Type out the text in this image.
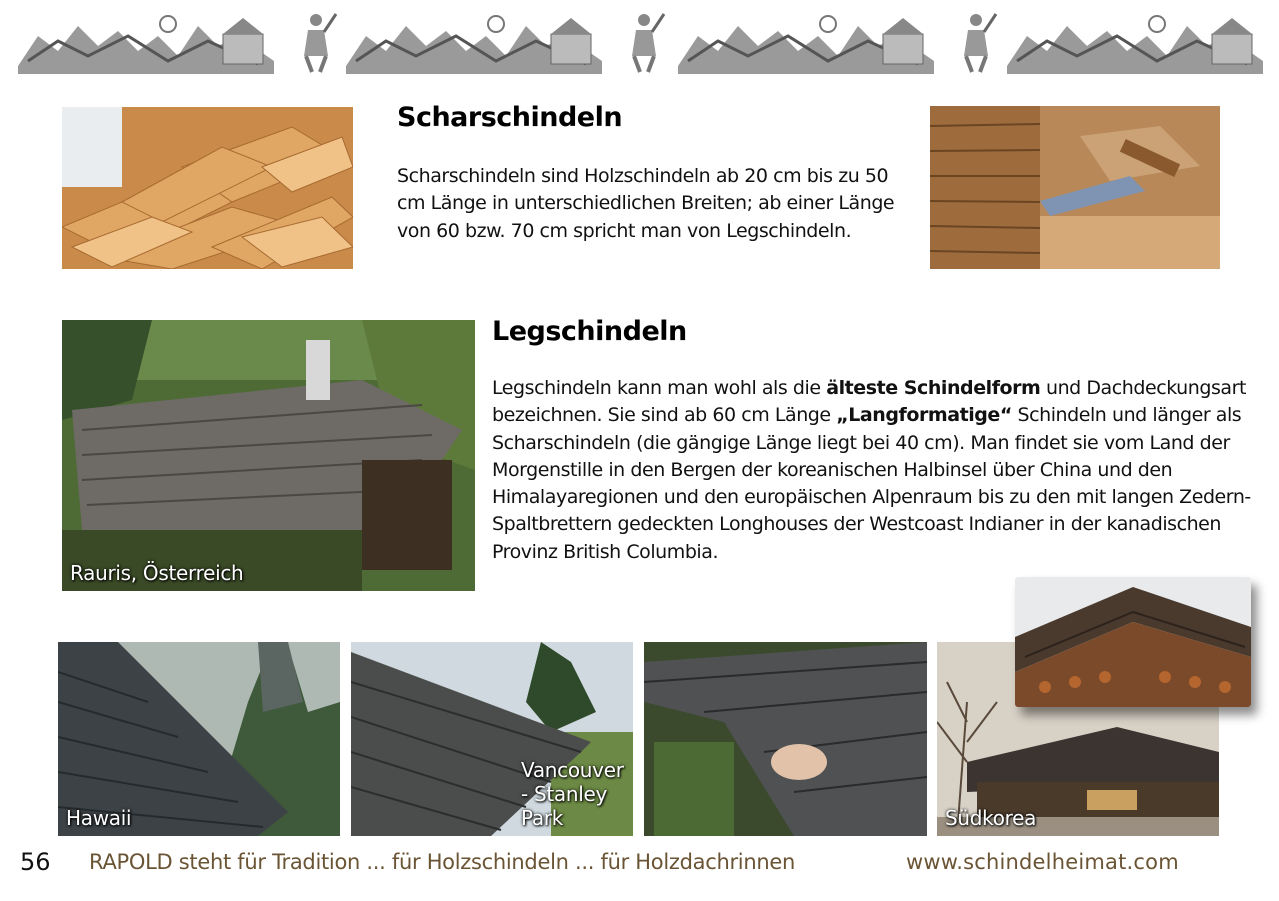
Scharschindeln
Scharschindeln sind Holzschindeln ab 20 cm bis zu 50 cm Länge in unterschiedlichen Breiten; ab einer Länge von 60 bzw. 70 cm spricht man von Legschindeln.
Rauris, Österreich
Legschindeln
Legschindeln kann man wohl als die älteste Schindelform und Dachdeckungsart bezeichnen. Sie sind ab 60 cm Länge „Langformatige“ Schindeln und länger als Scharschindeln (die gängige Länge liegt bei 40 cm). Man findet sie vom Land der Morgenstille in den Bergen der koreanischen Halbinsel über China und den Himalayaregionen und den europäischen Alpenraum bis zu den mit langen Zedern-Spaltbrettern gedeckten Longhouses der Westcoast Indianer in der kanadischen Provinz British Columbia.
Hawaii
Vancouver - Stanley Park	Südkorea
56 RAPOLD steht für Tradition ... für Holzschindeln ... für Holzdachrinnen	www.schindelheimat.com
